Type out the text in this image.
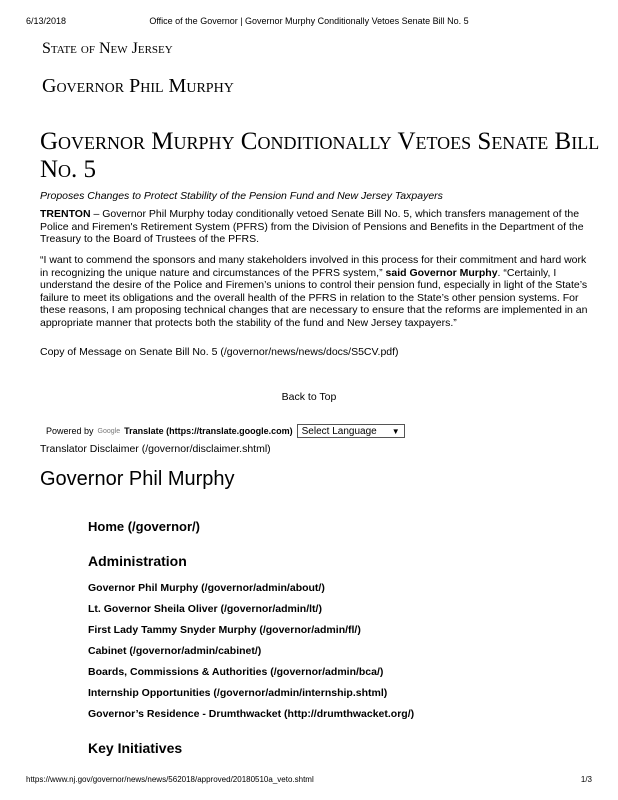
6/13/2018	Office of the Governor | Governor Murphy Conditionally Vetoes Senate Bill No. 5
State of New Jersey
Governor Phil Murphy
Governor Murphy Conditionally Vetoes Senate Bill No. 5

Proposes Changes to Protect Stability of the Pension Fund and New Jersey Taxpayers

TRENTON – Governor Phil Murphy today conditionally vetoed Senate Bill No. 5, which transfers management of the Police and Firemen's Retirement System (PFRS) from the Division of Pensions and Benefits in the Department of the Treasury to the Board of Trustees of the PFRS.

“I want to commend the sponsors and many stakeholders involved in this process for their commitment and hard work in recognizing the unique nature and circumstances of the PFRS system,” said Governor Murphy. “Certainly, I understand the desire of the Police and Firemen’s unions to control their pension fund, especially in light of the State’s failure to meet its obligations and the overall health of the PFRS in relation to the State’s other pension systems. For these reasons, I am proposing technical changes that are necessary to ensure that the reforms are implemented in an appropriate manner that protects both the stability of the fund and New Jersey taxpayers.”

Copy of Message on Senate Bill No. 5 (/governor/news/news/docs/S5CV.pdf)

Back to Top
Powered by Google Translate (https://translate.google.com) Select Language ▼
Translator Disclaimer (/governor/disclaimer.shtml)
Governor Phil Murphy
Home (/governor/)
Administration
Governor Phil Murphy (/governor/admin/about/)
Lt. Governor Sheila Oliver (/governor/admin/lt/)
First Lady Tammy Snyder Murphy (/governor/admin/fl/)
Cabinet (/governor/admin/cabinet/)
Boards, Commissions & Authorities (/governor/admin/bca/)
Internship Opportunities (/governor/admin/internship.shtml)
Governor’s Residence - Drumthwacket (http://drumthwacket.org/)
Key Initiatives
https://www.nj.gov/governor/news/news/562018/approved/20180510a_veto.shtml	1/3
